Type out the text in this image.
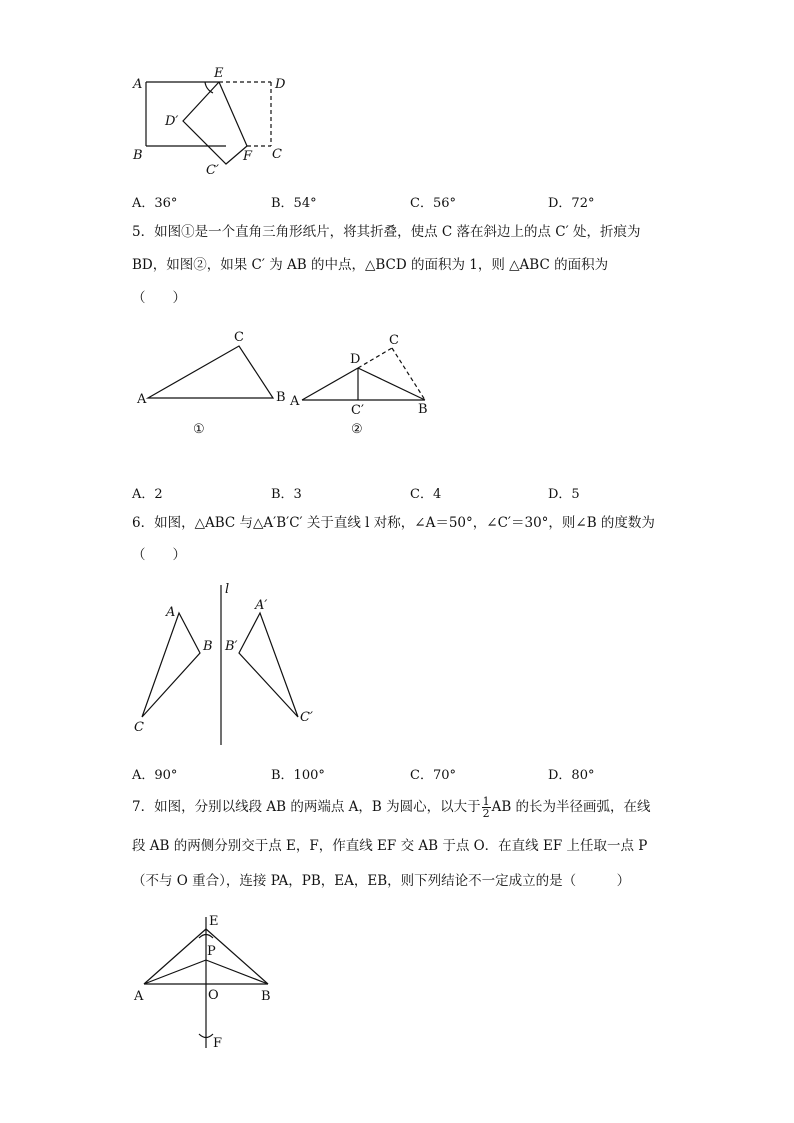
A
E
D
D′
B
C′
F C
A．36°	B．54°	C．56°	D．72°
5．如图①是一个直角三角形纸片，将其折叠，使点 C 落在斜边上的点 C′ 处，折痕为
BD，如图②，如果 C′ 为 AB 的中点，△BCD 的面积为 1，则 △ABC 的面积为
（　　）
A
C
B
①
A
D
C
C′	B
②
A．2	B．3	C．4	D．5
6．如图，△ABC 与△A′B′C′ 关于直线 l 对称，∠A＝50°，∠C′＝30°，则∠B 的度数为
（　　）
l
A
B
C
A′
B′
C′
A．90°	B．100°	C．70°	D．80°
7．如图，分别以线段 AB 的两端点 A，B 为圆心，以大于 $\frac{1}{2}$ AB 的长为半径画弧，在线
段 AB 的两侧分别交于点 E，F，作直线 EF 交 AB 于点 O．在直线 EF 上任取一点 P
（不与 O 重合），连接 PA，PB，EA，EB，则下列结论不一定成立的是（　　　）
E
P
A	O	B
F
